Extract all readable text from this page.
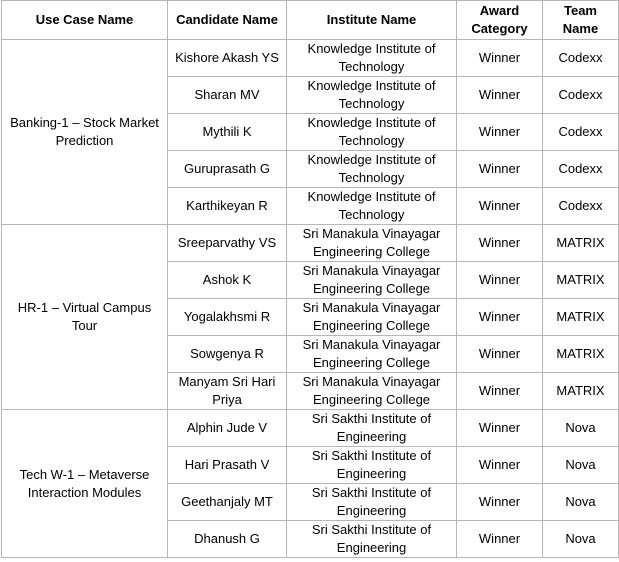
Use Case Name	Candidate Name	Institute Name	Award Category	Team Name
Banking-1 – Stock Market Prediction	Kishore Akash YS	Knowledge Institute of Technology	Winner	Codexx
	Sharan MV	Knowledge Institute of Technology	Winner	Codexx
	Mythili K	Knowledge Institute of Technology	Winner	Codexx
	Guruprasath G	Knowledge Institute of Technology	Winner	Codexx
	Karthikeyan R	Knowledge Institute of Technology	Winner	Codexx
HR-1 – Virtual Campus Tour	Sreeparvathy VS	Sri Manakula Vinayagar Engineering College	Winner	MATRIX
	Ashok K	Sri Manakula Vinayagar Engineering College	Winner	MATRIX
	Yogalakhsmi R	Sri Manakula Vinayagar Engineering College	Winner	MATRIX
	Sowgenya R	Sri Manakula Vinayagar Engineering College	Winner	MATRIX
	Manyam Sri Hari Priya	Sri Manakula Vinayagar Engineering College	Winner	MATRIX
Tech W-1 – Metaverse Interaction Modules	Alphin Jude V	Sri Sakthi Institute of Engineering	Winner	Nova
	Hari Prasath V	Sri Sakthi Institute of Engineering	Winner	Nova
	Geethanjaly MT	Sri Sakthi Institute of Engineering	Winner	Nova
	Dhanush G	Sri Sakthi Institute of Engineering	Winner	Nova
